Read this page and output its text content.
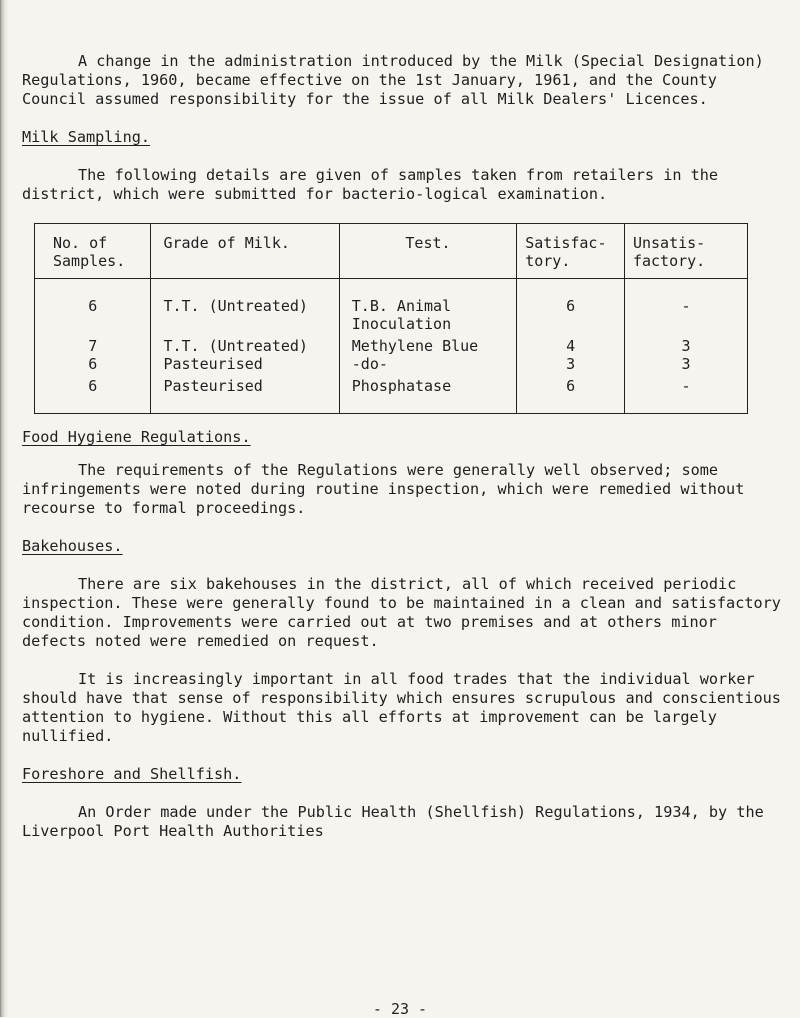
A change in the administration introduced by the Milk (Special Designation) Regulations, 1960, became effective on the 1st January, 1961, and the County Council assumed responsibility for the issue of all Milk Dealers' Licences.

Milk Sampling.

The following details are given of samples taken from retailers in the district, which were submitted for bacterio-logical examination.

No. of Samples.	Grade of Milk.	Test.	Satisfac-tory.	Unsatis-factory.
6	T.T. (Untreated)	T.B. Animal Inoculation	6	-
7	T.T. (Untreated)	Methylene Blue	4	3
6	Pasteurised	-do-	3	3
6	Pasteurised	Phosphatase	6	-

Food Hygiene Regulations.

The requirements of the Regulations were generally well observed; some infringements were noted during routine inspection, which were remedied without recourse to formal proceedings.

Bakehouses.

There are six bakehouses in the district, all of which received periodic inspection. These were generally found to be maintained in a clean and satisfactory condition. Improvements were carried out at two premises and at others minor defects noted were remedied on request.

It is increasingly important in all food trades that the individual worker should have that sense of responsibility which ensures scrupulous and conscientious attention to hygiene. Without this all efforts at improvement can be largely nullified.

Foreshore and Shellfish.

An Order made under the Public Health (Shellfish) Regulations, 1934, by the Liverpool Port Health Authorities

- 23 -
